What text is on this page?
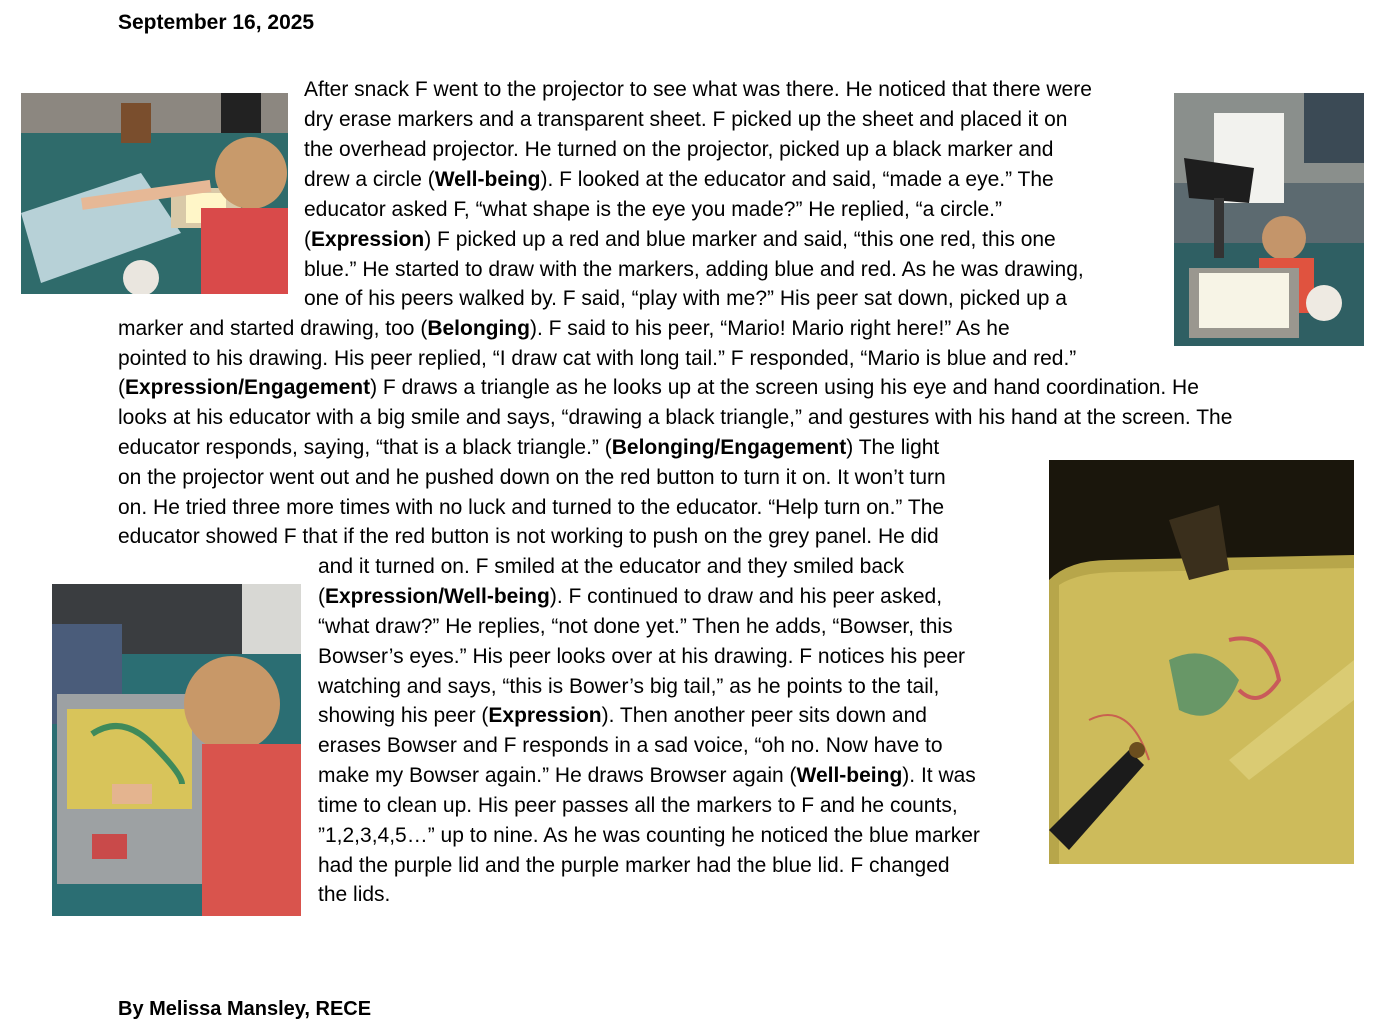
September 16, 2025
After snack F went to the projector to see what was there. He noticed that there were
dry erase markers and a transparent sheet. F picked up the sheet and placed it on
the overhead projector. He turned on the projector, picked up a black marker and
drew a circle (Well-being). F looked at the educator and said, “made a eye.” The
educator asked F, “what shape is the eye you made?” He replied, “a circle.”
(Expression) F picked up a red and blue marker and said, “this one red, this one
blue.” He started to draw with the markers, adding blue and red. As he was drawing,
one of his peers walked by. F said, “play with me?” His peer sat down, picked up a
marker and started drawing, too (Belonging). F said to his peer, “Mario! Mario right here!” As he
pointed to his drawing. His peer replied, “I draw cat with long tail.” F responded, “Mario is blue and red.”
(Expression/Engagement) F draws a triangle as he looks up at the screen using his eye and hand coordination. He
looks at his educator with a big smile and says, “drawing a black triangle,” and gestures with his hand at the screen. The
educator responds, saying, “that is a black triangle.” (Belonging/Engagement) The light
on the projector went out and he pushed down on the red button to turn it on. It won’t turn
on. He tried three more times with no luck and turned to the educator. “Help turn on.” The
educator showed F that if the red button is not working to push on the grey panel. He did
and it turned on. F smiled at the educator and they smiled back
(Expression/Well-being). F continued to draw and his peer asked,
“what draw?” He replies, “not done yet.” Then he adds, “Bowser, this
Bowser’s eyes.” His peer looks over at his drawing. F notices his peer
watching and says, “this is Bower’s big tail,” as he points to the tail,
showing his peer (Expression). Then another peer sits down and
erases Bowser and F responds in a sad voice, “oh no. Now have to
make my Bowser again.” He draws Browser again (Well-being). It was
time to clean up. His peer passes all the markers to F and he counts,
”1,2,3,4,5…” up to nine. As he was counting he noticed the blue marker
had the purple lid and the purple marker had the blue lid. F changed
the lids.
By Melissa Mansley, RECE
